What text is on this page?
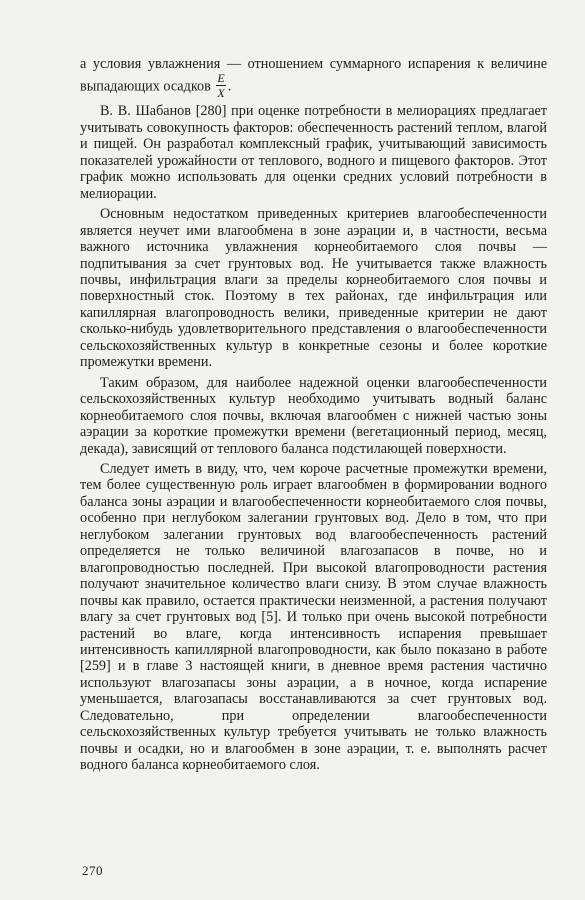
а условия увлажнения — отношением суммарного испарения к величине выпадающих осадков $\frac{E}{X}$ .

В. В. Шабанов [280] при оценке потребности в мелиорациях предлагает учитывать совокупность факторов: обеспеченность растений теплом, влагой и пищей. Он разработал комплексный график, учитывающий зависимость показателей урожайности от теплового, водного и пищевого факторов. Этот график можно использовать для оценки средних условий потребности в мелиорации.

Основным недостатком приведенных критериев влагообеспеченности является неучет ими влагообмена в зоне аэрации и, в частности, весьма важного источника увлажнения корнеобитаемого слоя почвы — подпитывания за счет грунтовых вод. Не учитывается также влажность почвы, инфильтрация влаги за пределы корнеобитаемого слоя почвы и поверхностный сток. Поэтому в тех районах, где инфильтрация или капиллярная влагопроводность велики, приведенные критерии не дают сколько-нибудь удовлетворительного представления о влагообеспеченности сельскохозяйственных культур в конкретные сезоны и более короткие промежутки времени.

Таким образом, для наиболее надежной оценки влагообеспеченности сельскохозяйственных культур необходимо учитывать водный баланс корнеобитаемого слоя почвы, включая влагообмен с нижней частью зоны аэрации за короткие промежутки времени (вегетационный период, месяц, декада), зависящий от теплового баланса подстилающей поверхности.

Следует иметь в виду, что, чем короче расчетные промежутки времени, тем более существенную роль играет влагообмен в формировании водного баланса зоны аэрации и влагообеспеченности корнеобитаемого слоя почвы, особенно при неглубоком залегании грунтовых вод. Дело в том, что при неглубоком залегании грунтовых вод влагообеспеченность растений определяется не только величиной влагозапасов в почве, но и влагопроводностью последней. При высокой влагопроводности растения получают значительное количество влаги снизу. В этом случае влажность почвы как правило, остается практически неизменной, а растения получают влагу за счет грунтовых вод [5]. И только при очень высокой потребности растений во влаге, когда интенсивность испарения превышает интенсивность капиллярной влагопроводности, как было показано в работе [259] и в главе 3 настоящей книги, в дневное время растения частично используют влагозапасы зоны аэрации, а в ночное, когда испарение уменьшается, влагозапасы восстанавливаются за счет грунтовых вод. Следовательно, при определении влагообеспеченности сельскохозяйственных культур требуется учитывать не только влажность почвы и осадки, но и влагообмен в зоне аэрации, т. е. выполнять расчет водного баланса корнеобитаемого слоя.

270
